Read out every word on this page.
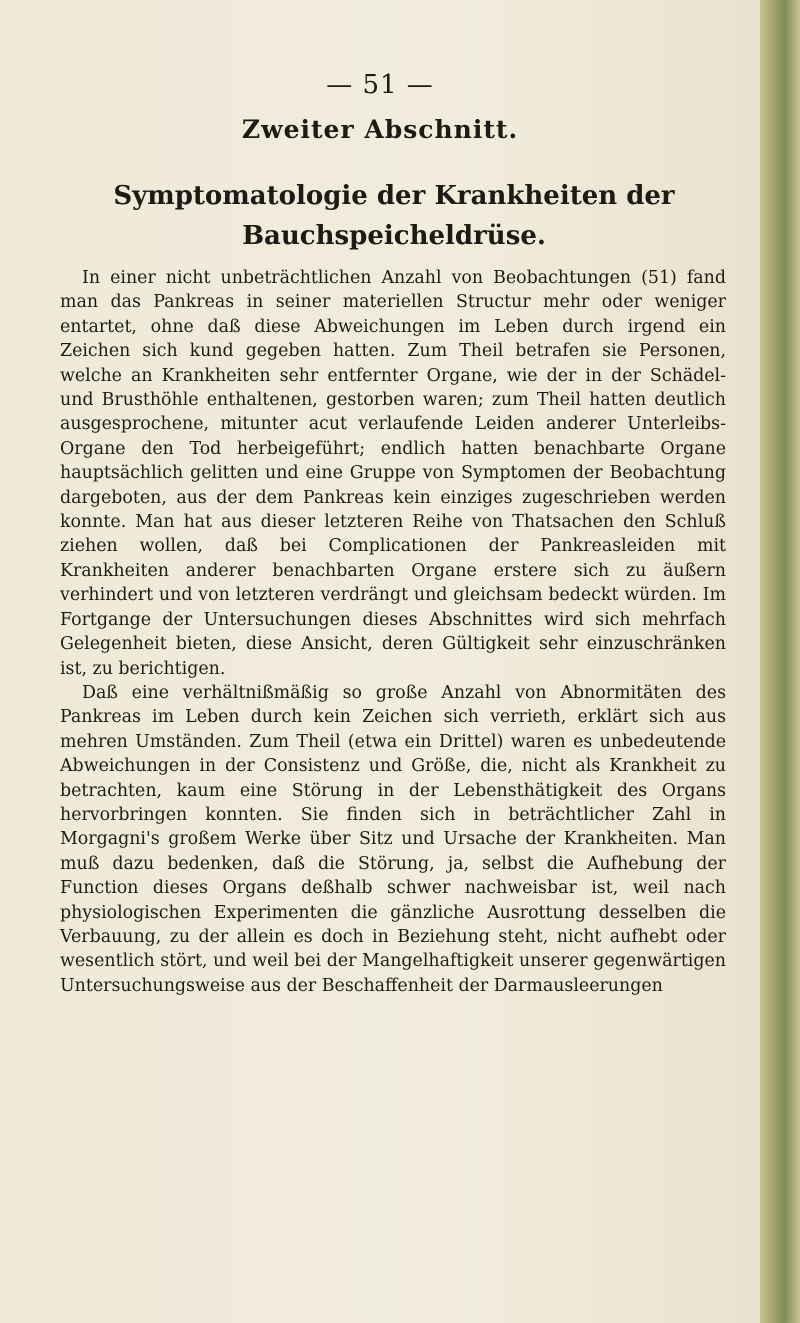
— 51 —
Zweiter Abschnitt.
Symptomatologie der Krankheiten der Bauchspeicheldrüse.

In einer nicht unbeträchtlichen Anzahl von Beobachtungen (51) fand man das Pankreas in seiner materiellen Structur mehr oder weniger entartet, ohne daß diese Abweichungen im Leben durch irgend ein Zeichen sich kund gegeben hatten. Zum Theil betrafen sie Personen, welche an Krankheiten sehr entfernter Organe, wie der in der Schädel- und Brusthöhle enthaltenen, gestorben waren; zum Theil hatten deutlich ausgesprochene, mitunter acut verlaufende Leiden anderer Unterleibs-Organe den Tod herbeigeführt; endlich hatten benachbarte Organe hauptsächlich gelitten und eine Gruppe von Symptomen der Beobachtung dargeboten, aus der dem Pankreas kein einziges zugeschrieben werden konnte. Man hat aus dieser letzteren Reihe von Thatsachen den Schluß ziehen wollen, daß bei Complicationen der Pankreasleiden mit Krankheiten anderer benachbarten Organe erstere sich zu äußern verhindert und von letzteren verdrängt und gleichsam bedeckt würden. Im Fortgange der Untersuchungen dieses Abschnittes wird sich mehrfach Gelegenheit bieten, diese Ansicht, deren Gültigkeit sehr einzuschränken ist, zu berichtigen.

Daß eine verhältnißmäßig so große Anzahl von Abnormitäten des Pankreas im Leben durch kein Zeichen sich verrieth, erklärt sich aus mehren Umständen. Zum Theil (etwa ein Drittel) waren es unbedeutende Abweichungen in der Consistenz und Größe, die, nicht als Krankheit zu betrachten, kaum eine Störung in der Lebensthätigkeit des Organs hervorbringen konnten. Sie finden sich in beträchtlicher Zahl in Morgagni's großem Werke über Sitz und Ursache der Krankheiten. Man muß dazu bedenken, daß die Störung, ja, selbst die Aufhebung der Function dieses Organs deßhalb schwer nachweisbar ist, weil nach physiologischen Experimenten die gänzliche Ausrottung desselben die Verbauung, zu der allein es doch in Beziehung steht, nicht aufhebt oder wesentlich stört, und weil bei der Mangelhaftigkeit unserer gegenwärtigen Untersuchungsweise aus der Beschaffenheit der Darmausleerungen
